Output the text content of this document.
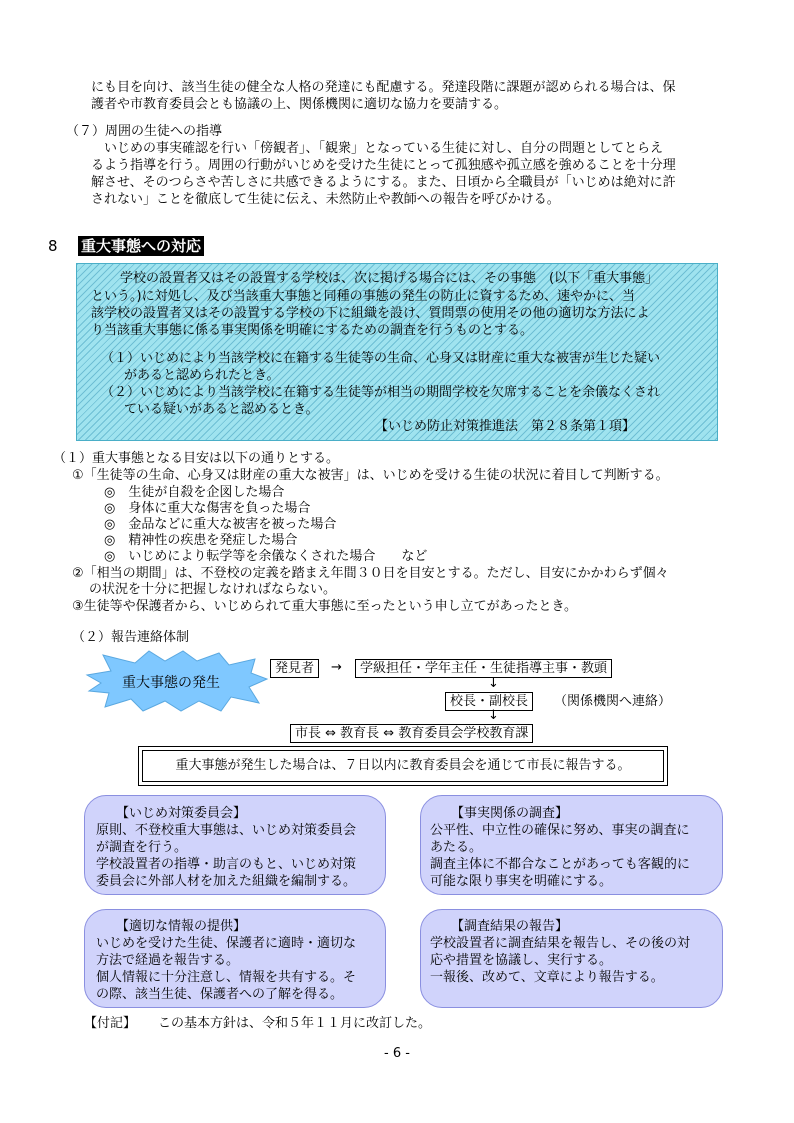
にも目を向け、該当生徒の健全な人格の発達にも配慮する。発達段階に課題が認められる場合は、保
護者や市教育委員会とも協議の上、関係機関に適切な協力を要請する。
（７）周囲の生徒への指導
いじめの事実確認を行い「傍観者」、「観衆」となっている生徒に対し、自分の問題としてとらえ
るよう指導を行う。周囲の行動がいじめを受けた生徒にとって孤独感や孤立感を強めることを十分理
解させ、そのつらさや苦しさに共感できるようにする。また、日頃から全職員が「いじめは絶対に許
されない」ことを徹底して生徒に伝え、未然防止や教師への報告を呼びかける。
8 重大事態への対応
学校の設置者又はその設置する学校は、次に掲げる場合には、その事態　(以下「重大事態」
という。)に対処し、及び当該重大事態と同種の事態の発生の防止に資するため、速やかに、当
該学校の設置者又はその設置する学校の下に組織を設け、質問票の使用その他の適切な方法によ
り当該重大事態に係る事実関係を明確にするための調査を行うものとする。
（１）いじめにより当該学校に在籍する生徒等の生命、心身又は財産に重大な被害が生じた疑い
があると認められたとき。
（２）いじめにより当該学校に在籍する生徒等が相当の期間学校を欠席することを余儀なくされ
ている疑いがあると認めるとき。
【いじめ防止対策推進法　第２８条第１項】
（１）重大事態となる目安は以下の通りとする。
①「生徒等の生命、心身又は財産の重大な被害」は、いじめを受ける生徒の状況に着目して判断する。
◎　生徒が自殺を企図した場合
◎　身体に重大な傷害を負った場合
◎　金品などに重大な被害を被った場合
◎　精神性の疾患を発症した場合
◎　いじめにより転学等を余儀なくされた場合　　など
②「相当の期間」は、不登校の定義を踏まえ年間３０日を目安とする。ただし、目安にかかわらず個々
の状況を十分に把握しなければならない。
③生徒等や保護者から、いじめられて重大事態に至ったという申し立てがあったとき。
（２）報告連絡体制
重大事態の発生
発見者	→	学級担任・学年主任・生徒指導主事・教頭
↓
校長・副校長	（関係機関へ連絡）
↓
市長 ⇔ 教育長 ⇔ 教育委員会学校教育課
重大事態が発生した場合は、７日以内に教育委員会を通じて市長に報告する。
【いじめ対策委員会】
原則、不登校重大事態は、いじめ対策委員会
が調査を行う。
学校設置者の指導・助言のもと、いじめ対策
委員会に外部人材を加えた組織を編制する。
【事実関係の調査】
公平性、中立性の確保に努め、事実の調査に
あたる。
調査主体に不都合なことがあっても客観的に
可能な限り事実を明確にする。
【適切な情報の提供】
いじめを受けた生徒、保護者に適時・適切な
方法で経過を報告する。
個人情報に十分注意し、情報を共有する。そ
の際、該当生徒、保護者への了解を得る。
【調査結果の報告】
学校設置者に調査結果を報告し、その後の対
応や措置を協議し、実行する。
一報後、改めて、文章により報告する。
【付記】 この基本方針は、令和５年１１月に改訂した。
- 6 -
